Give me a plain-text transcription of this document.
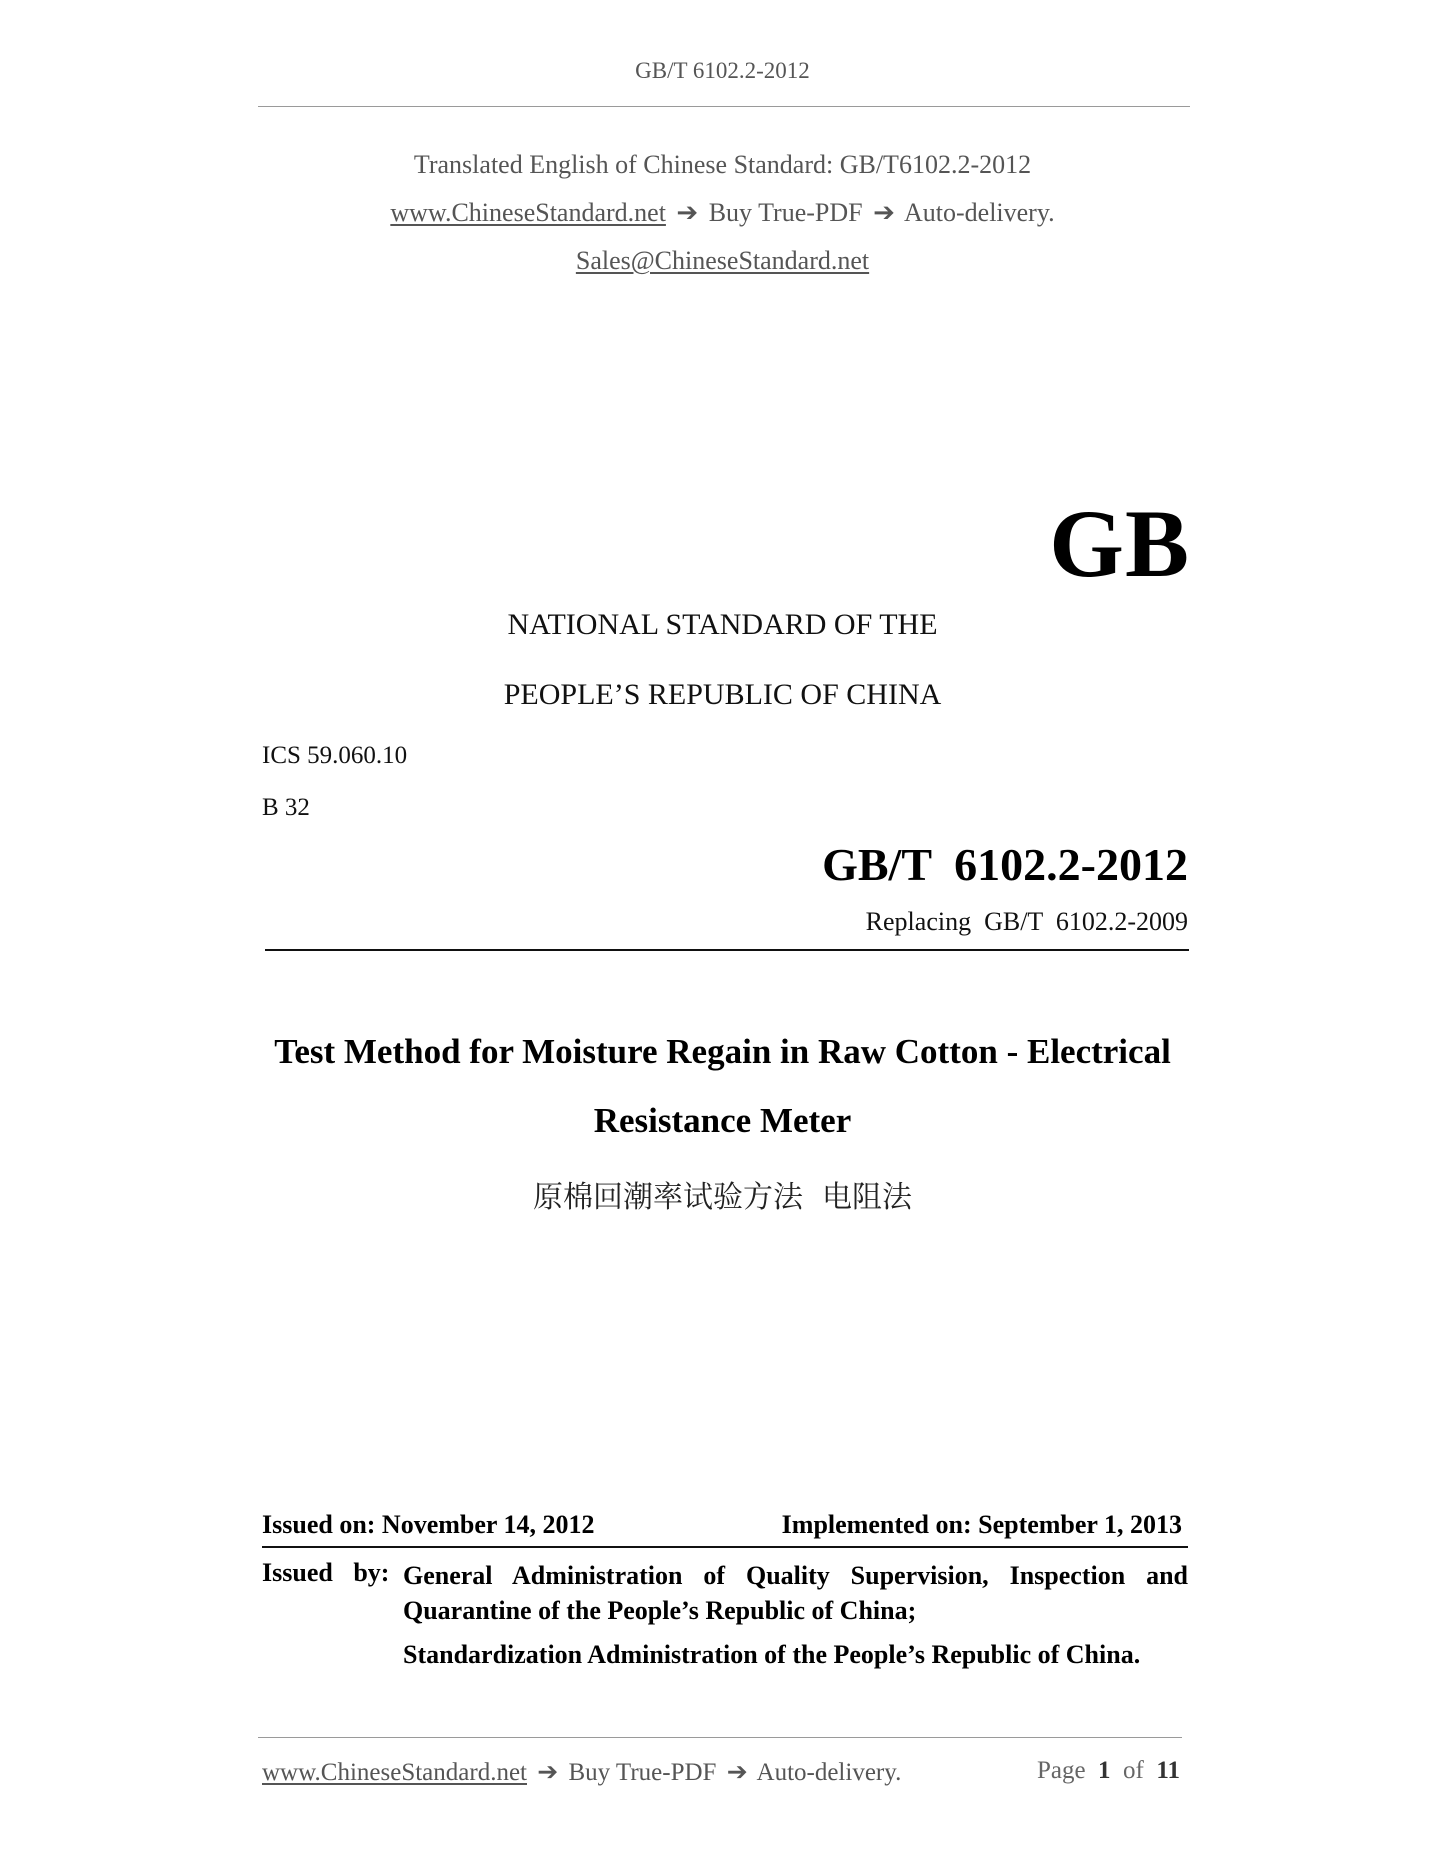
GB/T 6102.2-2012
Translated English of Chinese Standard: GB/T6102.2-2012
www.ChineseStandard.net ➔ Buy True-PDF ➔ Auto-delivery.
Sales@ChineseStandard.net
GB
NATIONAL STANDARD OF THE
PEOPLE’S REPUBLIC OF CHINA
ICS 59.060.10
B 32
GB/T  6102.2-2012
Replacing  GB/T  6102.2-2009
Test Method for Moisture Regain in Raw Cotton - Electrical
Resistance Meter
原棉回潮率试验方法  电阻法
Issued on: November 14, 2012	Implemented on: September 1, 2013
Issued by: General Administration of Quality Supervision, Inspection and Quarantine of the People’s Republic of China;
Standardization Administration of the People’s Republic of China.
www.ChineseStandard.net ➔ Buy True-PDF ➔ Auto-delivery.	Page 1 of 11
